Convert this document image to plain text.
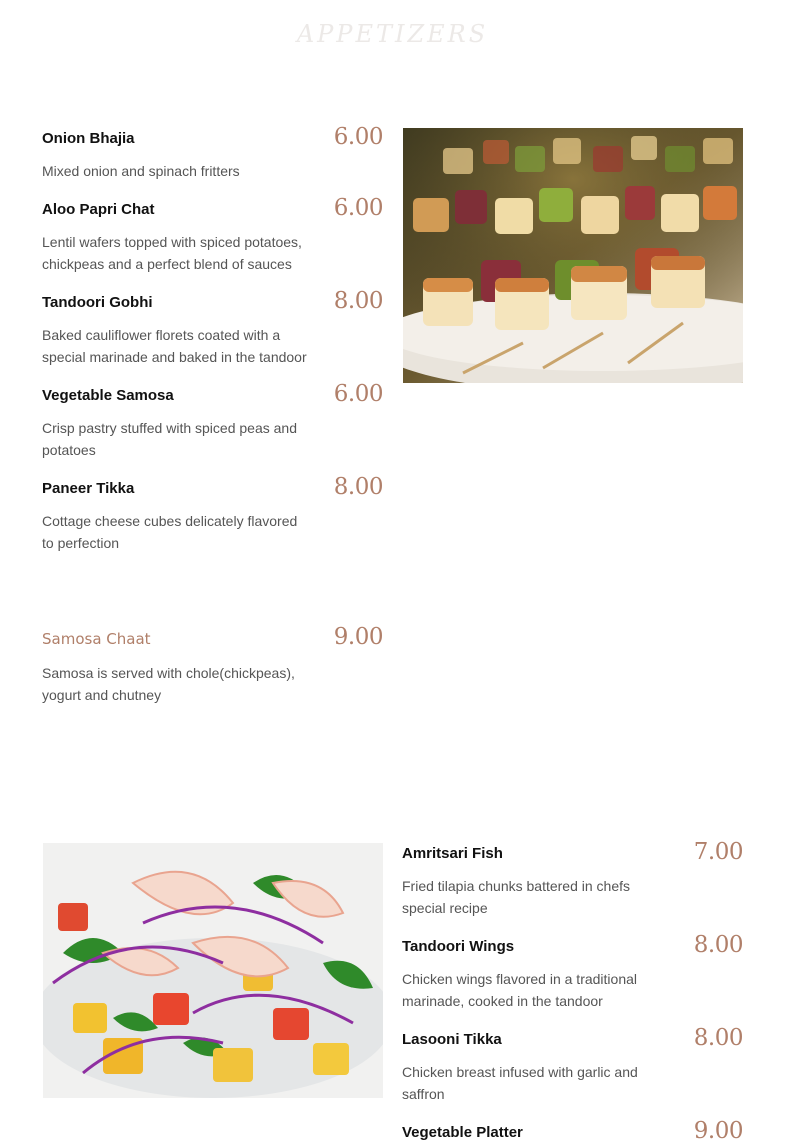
APPETIZERS
Onion Bhajia	6.00
Mixed onion and spinach fritters
Aloo Papri Chat	6.00
Lentil wafers topped with spiced potatoes, chickpeas and a perfect blend of sauces
Tandoori Gobhi	8.00
Baked cauliflower florets coated with a special marinade and baked in the tandoor
Vegetable Samosa	6.00
Crisp pastry stuffed with spiced peas and potatoes
Paneer Tikka	8.00
Cottage cheese cubes delicately flavored to perfection
Samosa Chaat	9.00
Samosa is served with chole(chickpeas), yogurt and chutney
Amritsari Fish	7.00
Fried tilapia chunks battered in chefs special recipe
Tandoori Wings	8.00
Chicken wings flavored in a traditional marinade, cooked in the tandoor
Lasooni Tikka	8.00
Chicken breast infused with garlic and saffron
Vegetable Platter	9.00
